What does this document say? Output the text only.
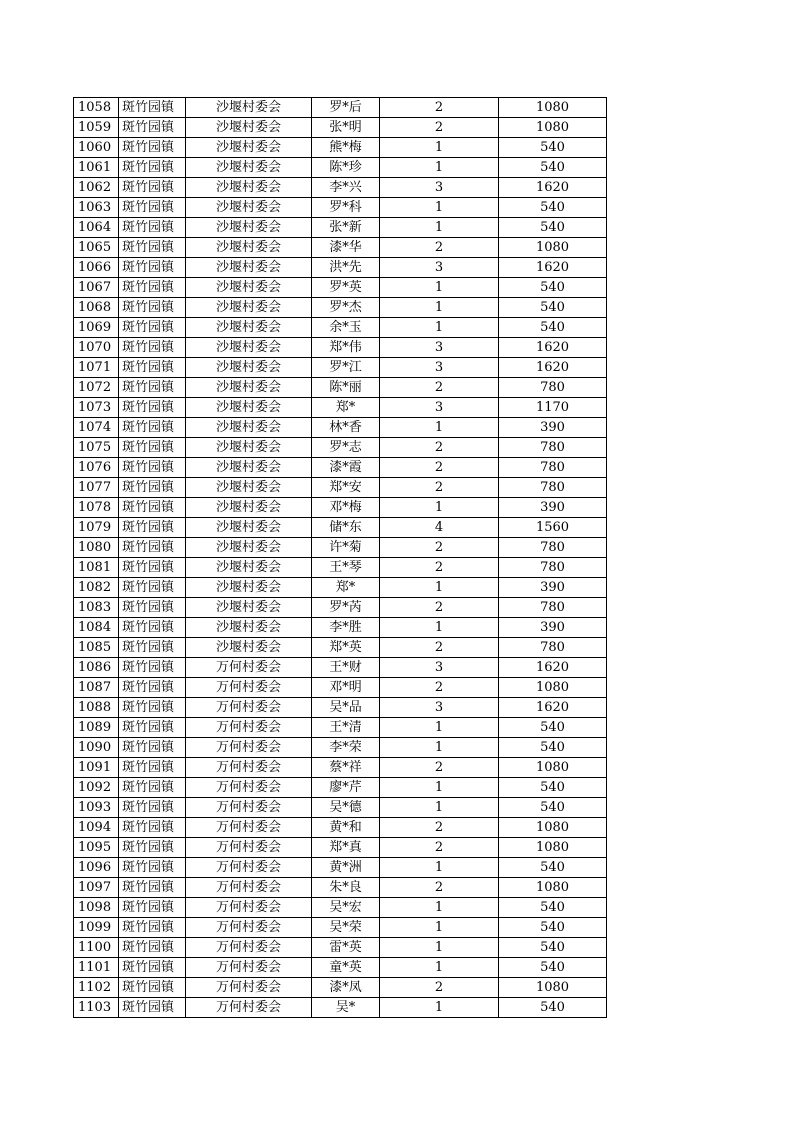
1058	斑竹园镇	沙堰村委会	罗*后	2	1080
1059	斑竹园镇	沙堰村委会	张*明	2	1080
1060	斑竹园镇	沙堰村委会	熊*梅	1	540
1061	斑竹园镇	沙堰村委会	陈*珍	1	540
1062	斑竹园镇	沙堰村委会	李*兴	3	1620
1063	斑竹园镇	沙堰村委会	罗*科	1	540
1064	斑竹园镇	沙堰村委会	张*新	1	540
1065	斑竹园镇	沙堰村委会	漆*华	2	1080
1066	斑竹园镇	沙堰村委会	洪*先	3	1620
1067	斑竹园镇	沙堰村委会	罗*英	1	540
1068	斑竹园镇	沙堰村委会	罗*杰	1	540
1069	斑竹园镇	沙堰村委会	余*玉	1	540
1070	斑竹园镇	沙堰村委会	郑*伟	3	1620
1071	斑竹园镇	沙堰村委会	罗*江	3	1620
1072	斑竹园镇	沙堰村委会	陈*丽	2	780
1073	斑竹园镇	沙堰村委会	郑*	3	1170
1074	斑竹园镇	沙堰村委会	林*香	1	390
1075	斑竹园镇	沙堰村委会	罗*志	2	780
1076	斑竹园镇	沙堰村委会	漆*霞	2	780
1077	斑竹园镇	沙堰村委会	郑*安	2	780
1078	斑竹园镇	沙堰村委会	邓*梅	1	390
1079	斑竹园镇	沙堰村委会	储*东	4	1560
1080	斑竹园镇	沙堰村委会	许*菊	2	780
1081	斑竹园镇	沙堰村委会	王*琴	2	780
1082	斑竹园镇	沙堰村委会	郑*	1	390
1083	斑竹园镇	沙堰村委会	罗*芮	2	780
1084	斑竹园镇	沙堰村委会	李*胜	1	390
1085	斑竹园镇	沙堰村委会	郑*英	2	780
1086	斑竹园镇	万何村委会	王*财	3	1620
1087	斑竹园镇	万何村委会	邓*明	2	1080
1088	斑竹园镇	万何村委会	吴*品	3	1620
1089	斑竹园镇	万何村委会	王*清	1	540
1090	斑竹园镇	万何村委会	李*荣	1	540
1091	斑竹园镇	万何村委会	蔡*祥	2	1080
1092	斑竹园镇	万何村委会	廖*芹	1	540
1093	斑竹园镇	万何村委会	吴*德	1	540
1094	斑竹园镇	万何村委会	黄*和	2	1080
1095	斑竹园镇	万何村委会	郑*真	2	1080
1096	斑竹园镇	万何村委会	黄*洲	1	540
1097	斑竹园镇	万何村委会	朱*良	2	1080
1098	斑竹园镇	万何村委会	吴*宏	1	540
1099	斑竹园镇	万何村委会	吴*荣	1	540
1100	斑竹园镇	万何村委会	雷*英	1	540
1101	斑竹园镇	万何村委会	童*英	1	540
1102	斑竹园镇	万何村委会	漆*凤	2	1080
1103	斑竹园镇	万何村委会	吴*	1	540
